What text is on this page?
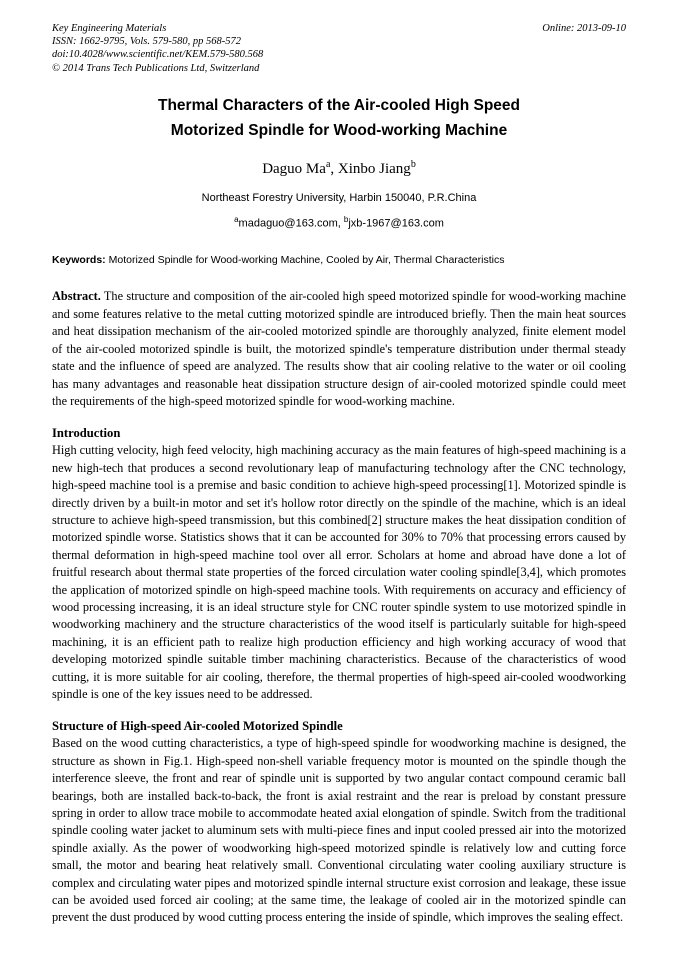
Online: 2013-09-10
Key Engineering Materials
ISSN: 1662-9795, Vols. 579-580, pp 568-572
doi:10.4028/www.scientific.net/KEM.579-580.568
© 2014 Trans Tech Publications Ltd, Switzerland
Thermal Characters of the Air-cooled High Speed
Motorized Spindle for Wood-working Machine
Daguo Ma$^a$, Xinbo Jiang$^b$
Northeast Forestry University, Harbin 150040, P.R.China
$^a$madaguo@163.com, $^b$jxb-1967@163.com
Keywords: Motorized Spindle for Wood-working Machine, Cooled by Air, Thermal Characteristics
Abstract. The structure and composition of the air-cooled high speed motorized spindle for wood-working machine and some features relative to the metal cutting motorized spindle are introduced briefly. Then the main heat sources and heat dissipation mechanism of the air-cooled motorized spindle are thoroughly analyzed, finite element model of the air-cooled motorized spindle is built, the motorized spindle's temperature distribution under thermal steady state and the influence of speed are analyzed. The results show that air cooling relative to the water or oil cooling has many advantages and reasonable heat dissipation structure design of air-cooled motorized spindle could meet the requirements of the high-speed motorized spindle for wood-working machine.
Introduction

High cutting velocity, high feed velocity, high machining accuracy as the main features of high-speed machining is a new high-tech that produces a second revolutionary leap of manufacturing technology after the CNC technology, high-speed machine tool is a premise and basic condition to achieve high-speed processing[1]. Motorized spindle is directly driven by a built-in motor and set it's hollow rotor directly on the spindle of the machine, which is an ideal structure to achieve high-speed transmission, but this combined[2] structure makes the heat dissipation condition of motorized spindle worse. Statistics shows that it can be accounted for 30% to 70% that processing errors caused by thermal deformation in high-speed machine tool over all error. Scholars at home and abroad have done a lot of fruitful research about thermal state properties of the forced circulation water cooling spindle[3,4], which promotes the application of motorized spindle on high-speed machine tools. With requirements on accuracy and efficiency of wood processing increasing, it is an ideal structure style for CNC router spindle system to use motorized spindle in woodworking machinery and the structure characteristics of the wood itself is particularly suitable for high-speed machining, it is an efficient path to realize high production efficiency and high working accuracy of wood that developing motorized spindle suitable timber machining characteristics. Because of the characteristics of wood cutting, it is more suitable for air cooling, therefore, the thermal properties of high-speed air-cooled woodworking spindle is one of the key issues need to be addressed.

Structure of High-speed Air-cooled Motorized Spindle

Based on the wood cutting characteristics, a type of high-speed spindle for woodworking machine is designed, the structure as shown in Fig.1. High-speed non-shell variable frequency motor is mounted on the spindle though the interference sleeve, the front and rear of spindle unit is supported by two angular contact compound ceramic ball bearings, both are installed back-to-back, the front is axial restraint and the rear is preload by constant pressure spring in order to allow trace mobile to accommodate heated axial elongation of spindle. Switch from the traditional spindle cooling water jacket to aluminum sets with multi-piece fines and input cooled pressed air into the motorized spindle axially. As the power of woodworking high-speed motorized spindle is relatively low and cutting force small, the motor and bearing heat relatively small. Conventional circulating water cooling auxiliary structure is complex and circulating water pipes and motorized spindle internal structure exist corrosion and leakage, these issue can be avoided used forced air cooling; at the same time, the leakage of cooled air in the motorized spindle can prevent the dust produced by wood cutting process entering the inside of spindle, which improves the sealing effect.
